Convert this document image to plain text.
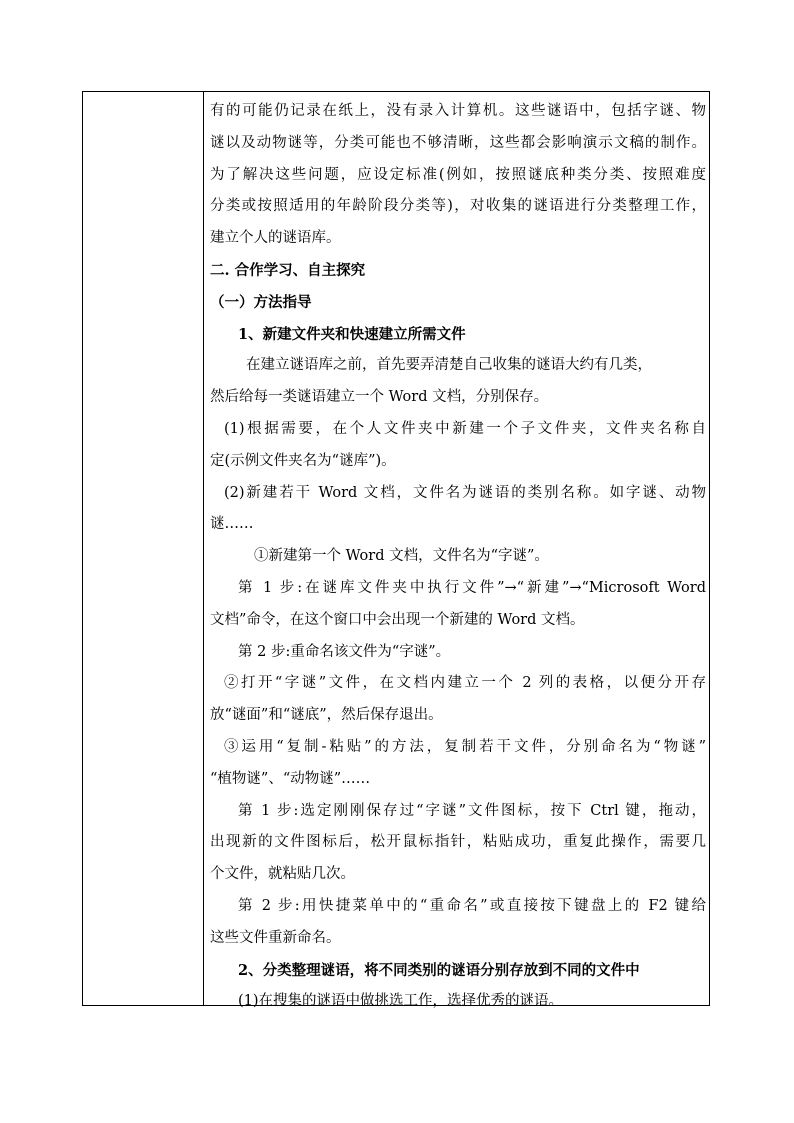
有的可能仍记录在纸上，没有录入计算机。这些谜语中，包括字谜、物
谜以及动物谜等，分类可能也不够清晰，这些都会影响演示文稿的制作。
为了解决这些问题，应设定标准(例如，按照谜底种类分类、按照难度
分类或按照适用的年龄阶段分类等)，对收集的谜语进行分类整理工作，
建立个人的谜语库。
二. 合作学习、自主探究
（一）方法指导
1、新建文件夹和快速建立所需文件
在建立谜语库之前，首先要弄清楚自己收集的谜语大约有几类，
然后给每一类谜语建立一个 Word 文档，分别保存。
(1)根据需要，在个人文件夹中新建一个子文件夹，文件夹名称自
定(示例文件夹名为“谜库”)。
(2)新建若干 Word 文档，文件名为谜语的类别名称。如字谜、动物
谜……
①新建第一个 Word 文档，文件名为“字谜”。
第 1 步:在谜库文件夹中执行文件”→“新建”→“Microsoft Word
文档”命令，在这个窗口中会出现一个新建的 Word 文档。
第 2 步:重命名该文件为“字谜”。
②打开“字谜”文件，在文档内建立一个 2 列的表格，以便分开存
放“谜面”和“谜底”，然后保存退出。
③运用“复制-粘贴”的方法，复制若干文件，分别命名为“物谜”
“植物谜”、“动物谜”……
第 1 步:选定刚刚保存过“字谜”文件图标，按下 Ctrl 键，拖动，
出现新的文件图标后，松开鼠标指针，粘贴成功，重复此操作，需要几
个文件，就粘贴几次。
第 2 步:用快捷菜单中的“重命名”或直接按下键盘上的 F2 键给
这些文件重新命名。
2、分类整理谜语，将不同类别的谜语分别存放到不同的文件中
(1)在搜集的谜语中做挑选工作，选择优秀的谜语。
